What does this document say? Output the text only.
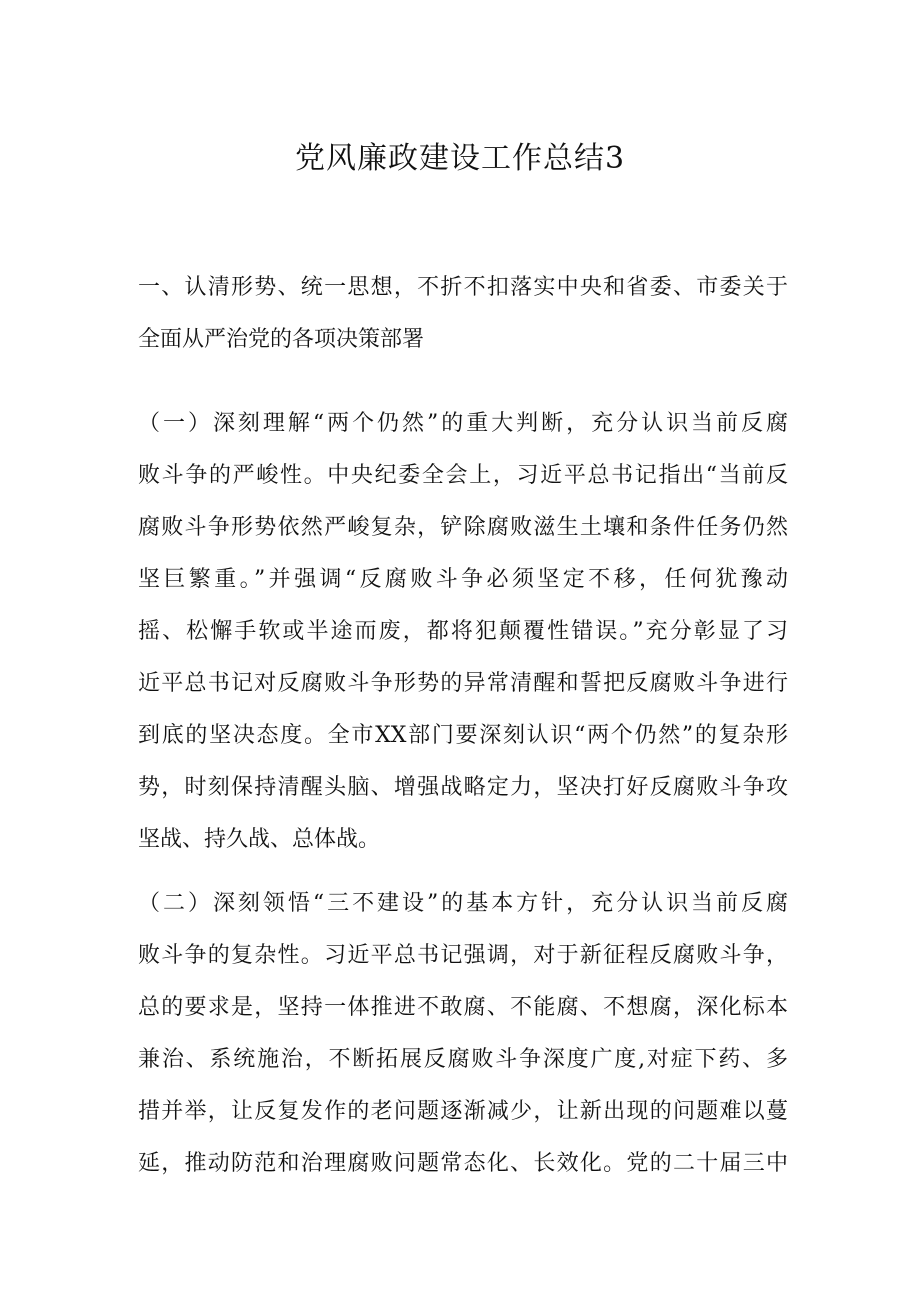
党风廉政建设工作总结3
一、认清形势、统一思想，不折不扣落实中央和省委、市委关于
全面从严治党的各项决策部署
（一）深刻理解“两个仍然”的重大判断，充分认识当前反腐
败斗争的严峻性。中央纪委全会上，习近平总书记指出“当前反
腐败斗争形势依然严峻复杂，铲除腐败滋生土壤和条件任务仍然
坚巨繁重。”并强调“反腐败斗争必须坚定不移，任何犹豫动
摇、松懈手软或半途而废，都将犯颠覆性错误。”充分彰显了习
近平总书记对反腐败斗争形势的异常清醒和誓把反腐败斗争进行
到底的坚决态度。全市XX部门要深刻认识“两个仍然”的复杂形
势，时刻保持清醒头脑、增强战略定力，坚决打好反腐败斗争攻
坚战、持久战、总体战。
（二）深刻领悟“三不建设”的基本方针，充分认识当前反腐
败斗争的复杂性。习近平总书记强调，对于新征程反腐败斗争，
总的要求是，坚持一体推进不敢腐、不能腐、不想腐，深化标本
兼治、系统施治，不断拓展反腐败斗争深度广度,对症下药、多
措并举，让反复发作的老问题逐渐减少，让新出现的问题难以蔓
延，推动防范和治理腐败问题常态化、长效化。党的二十届三中
